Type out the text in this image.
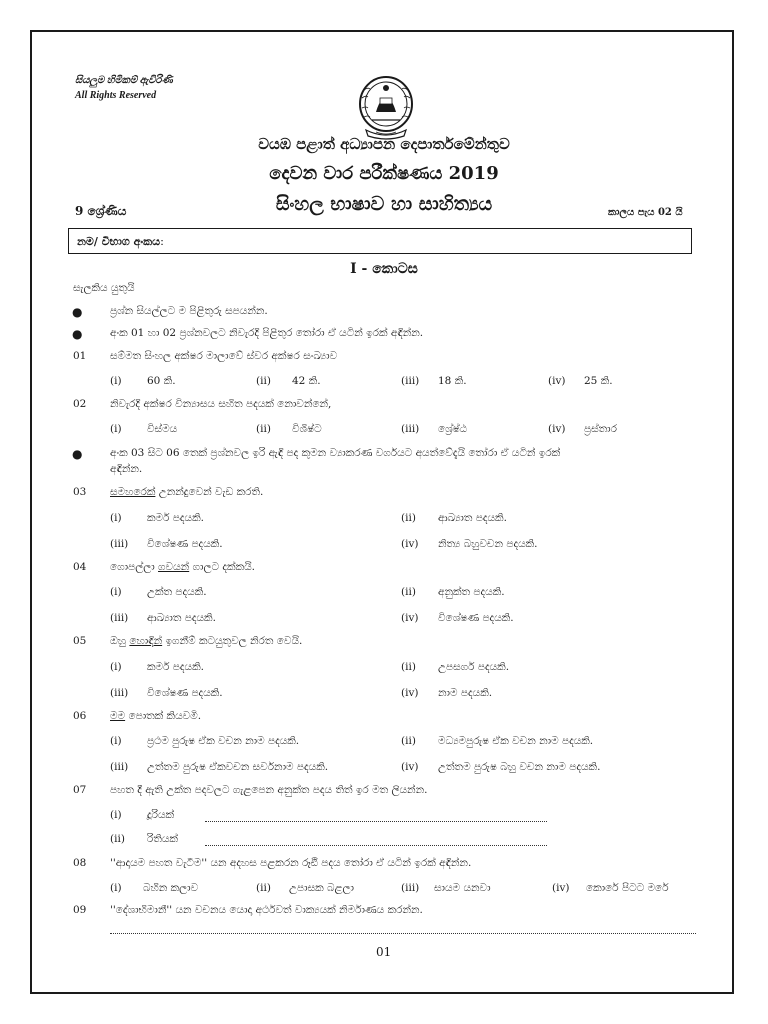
සියලුම හිමිකම් ඇවිරිණි
All Rights Reserved
වයඹ පළාත් අධ්‍යාපන දෙපාර්තමේන්තුව
දෙවන වාර පරීක්ෂණය 2019
සිංහල භාෂාව හා සාහිත්‍යය
9 ශ්‍රේණිය	කාලය පැය 02 යි
නම/ විභාග අංකයː
I - කොටස
සැලකිය යුතුයි
●	ප්‍රශ්න සියල්ලට ම පිළිතුරු සපයන්න.
●	අංක 01 හා 02 ප්‍රශ්නවලට නිවැරදි පිළිතුර තෝරා ඒ යටින් ඉරක් අඳින්න.
01 සම්මත සිංහල අක්ෂර මාලාවේ ස්වර අක්ෂර සංඛ්‍යාව
(i) 60 කි.	(ii) 42 කි.	(iii) 18 කි.	(iv) 25 කි.
02 නිවැරදි අක්ෂර වින්‍යාසය සහිත පදයක් නොවන්නේ,
(i) විස්මය	(ii) විශිෂ්ට	(iii) ශ්‍රේෂ්ඨ	(iv) ප්‍රස්තාර
●	අංක 03 සිට 06 තෙක් ප්‍රශ්නවල ඉරි ඇඳි පද කුමන ව්‍යාකරණ වර්ගයට අයත්වේදැයි තෝරා ඒ යටින් ඉරක්
අඳින්න.
03 සමහරෙක් උනන්දුවෙන් වැඩ කරති.
(i) කර්ම පදයකි.	(ii) ආඛ්‍යාත පදයකි.
(iii) විශේෂණ පදයකි.	(iv) නිත්‍ය බහුවචන පදයකි.
04 ගොපල්ලා ගවයන් ගාලට දක්කයි.
(i) උක්ත පදයකි.	(ii) අනුක්ත පදයකි.
(iii) ආඛ්‍යාත පදයකි.	(iv) විශේෂණ පදයකි.
05 ඔහු හොඳින් ඉගනීම් කටයුතුවල නිරත වෙයි.
(i) කර්ම පදයකි.	(ii) උපසර්ග පදයකි.
(iii) විශේෂණ පදයකි.	(iv) නාම පදයකි.
06 මම පොතක් කියවමි.
(i) ප්‍රථම පුරුෂ ඒක වචන නාම පදයකි.	(ii) මධ්‍යමපුරුෂ ඒක වචන නාම පදයකි.
(iii) උත්තම පුරුෂ ඒකවචන සර්වනාම පදයකි.	(iv) උත්තම පුරුෂ බහු වචන නාම පදයකි.
07 පහත දී ඇති උක්ත පදවලට ගැළපෙන අනුක්ත පදය තිත් ඉර මත ලියන්න.
(i) දූරියක්
(ii) රිතියක්
08 ''ආදායම පහත වැටීම'' යන අදහස පළකරන රූඪි පදය තෝරා ඒ යටින් ඉරක් අඳින්න.
(i) බහින කලාව	(ii) උපාසක බළලා	(iii) සායම යනවා	(iv) කොරේ පිටට මරේ
09 ''දේශාභිමානී'' යන වචනය යොදා අර්ථවත් වාක්‍යයක් නිර්මාණය කරන්න.
01
